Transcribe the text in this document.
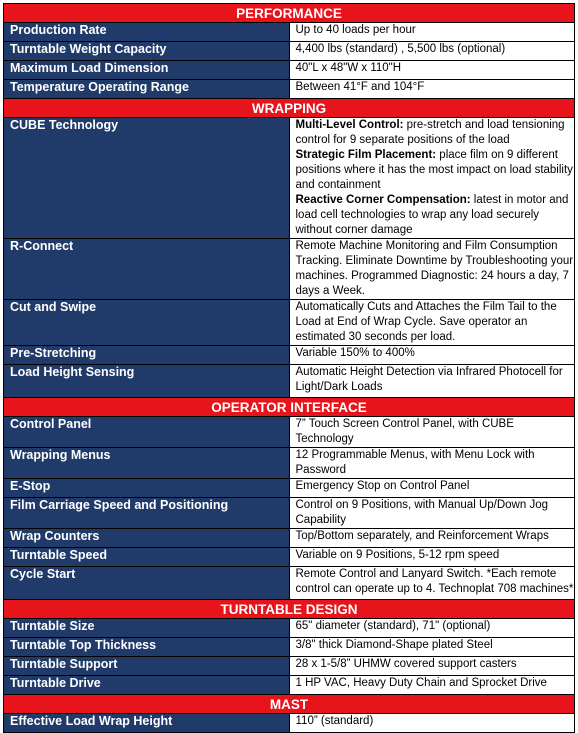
PERFORMANCE	
Production Rate	Up to 40 loads per hour
Turntable Weight Capacity	4,400 lbs (standard) , 5,500 lbs (optional)
Maximum Load Dimension	40"L x 48"W x 110"H
Temperature Operating Range	Between 41°F and 104°F
WRAPPING	
CUBE Technology	Multi-Level Control: pre-stretch and load tensioning control for 9 separate positions of the load
Strategic Film Placement: place film on 9 different positions where it has the most impact on load stability and containment
Reactive Corner Compensation: latest in motor and load cell technologies to wrap any load securely without corner damage

R-Connect	Remote Machine Monitoring and Film Consumption Tracking. Eliminate Downtime by Troubleshooting your machines. Programmed Diagnostic: 24 hours a day, 7 days a Week.
Cut and Swipe	Automatically Cuts and Attaches the Film Tail to the Load at End of Wrap Cycle. Save operator an estimated 30 seconds per load.
Pre-Stretching	Variable 150% to 400%
Load Height Sensing	Automatic Height Detection via Infrared Photocell for Light/Dark Loads
OPERATOR INTERFACE	
Control Panel	7” Touch Screen Control Panel, with CUBE Technology
Wrapping Menus	12 Programmable Menus, with Menu Lock with Password
E-Stop	Emergency Stop on Control Panel
Film Carriage Speed and Positioning	Control on 9 Positions, with Manual Up/Down Jog Capability
Wrap Counters	Top/Bottom separately, and Reinforcement Wraps
Turntable Speed	Variable on 9 Positions, 5-12 rpm speed
Cycle Start	Remote Control and Lanyard Switch. *Each remote control can operate up to 4. Technoplat 708 machines*
TURNTABLE DESIGN	
Turntable Size	65" diameter (standard), 71" (optional)
Turntable Top Thickness	3/8" thick Diamond-Shape plated Steel
Turntable Support	28 x 1-5/8” UHMW covered support casters
Turntable Drive	1 HP VAC, Heavy Duty Chain and Sprocket Drive
MAST	
Effective Load Wrap Height	110” (standard)
